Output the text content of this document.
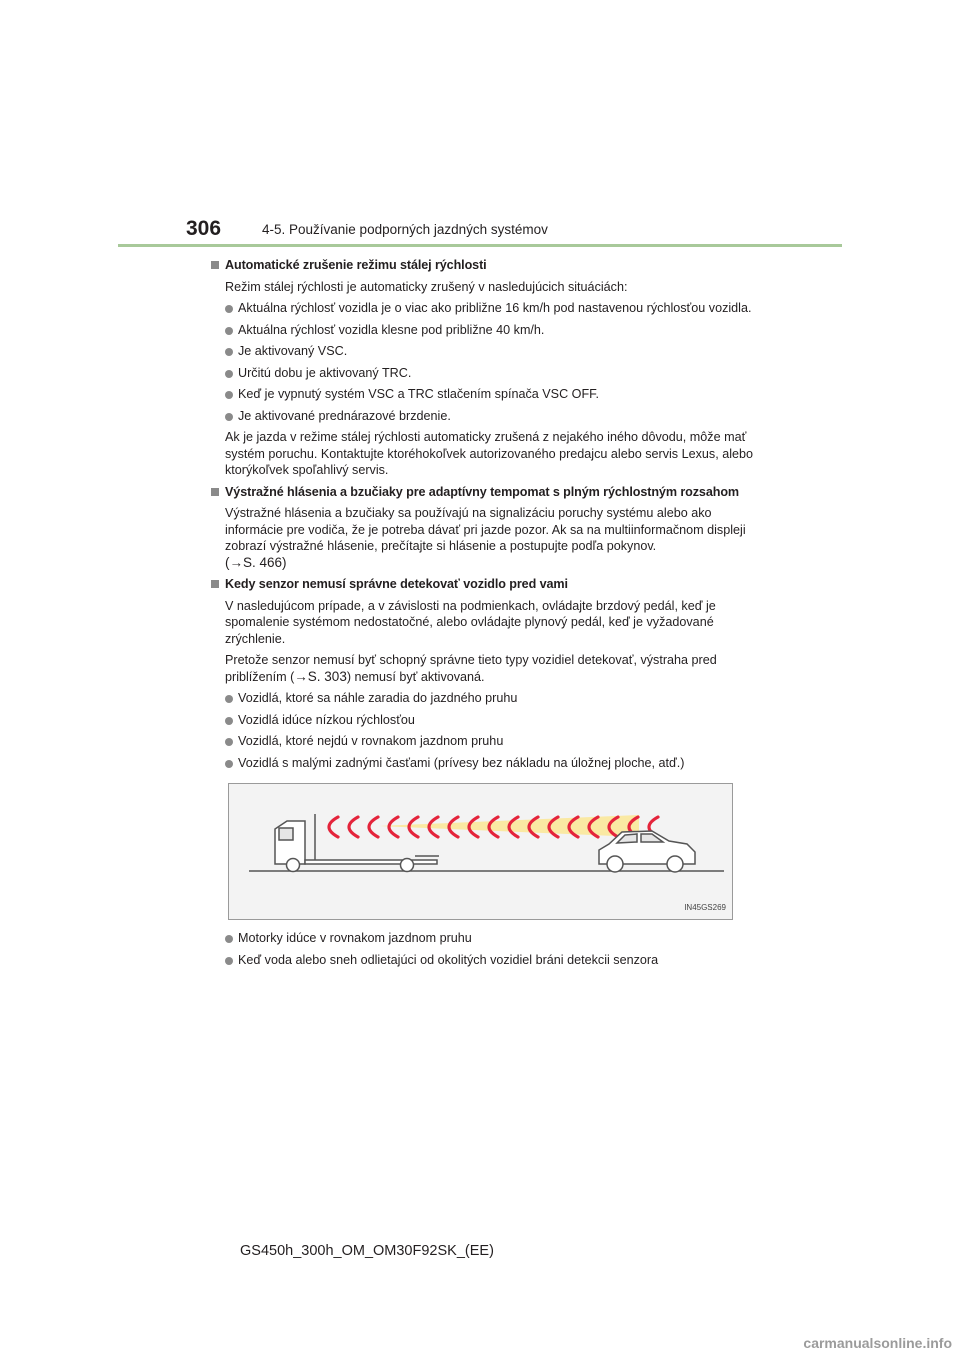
306	4-5. Používanie podporných jazdných systémov
Automatické zrušenie režimu stálej rýchlosti
Režim stálej rýchlosti je automaticky zrušený v nasledujúcich situáciách:
Aktuálna rýchlosť vozidla je o viac ako približne 16 km/h pod nastavenou rýchlosťou vozidla.
Aktuálna rýchlosť vozidla klesne pod približne 40 km/h.
Je aktivovaný VSC.
Určitú dobu je aktivovaný TRC.
Keď je vypnutý systém VSC a TRC stlačením spínača VSC OFF.
Je aktivované prednárazové brzdenie.
Ak je jazda v režime stálej rýchlosti automaticky zrušená z nejakého iného dôvodu, môže mať systém poruchu. Kontaktujte ktoréhokoľvek autorizovaného predajcu alebo servis Lexus, alebo ktorýkoľvek spoľahlivý servis.
Výstražné hlásenia a bzučiaky pre adaptívny tempomat s plným rýchlostným rozsahom
Výstražné hlásenia a bzučiaky sa používajú na signalizáciu poruchy systému alebo ako informácie pre vodiča, že je potreba dávať pri jazde pozor. Ak sa na multiinformačnom displeji zobrazí výstražné hlásenie, prečítajte si hlásenie a postupujte podľa pokynov.
(→S. 466)
Kedy senzor nemusí správne detekovať vozidlo pred vami
V nasledujúcom prípade, a v závislosti na podmienkach, ovládajte brzdový pedál, keď je spomalenie systémom nedostatočné, alebo ovládajte plynový pedál, keď je vyžadované zrýchlenie.
Pretože senzor nemusí byť schopný správne tieto typy vozidiel detekovať, výstraha pred priblížením (→S. 303) nemusí byť aktivovaná.
Vozidlá, ktoré sa náhle zaradia do jazdného pruhu
Vozidlá idúce nízkou rýchlosťou
Vozidlá, ktoré nejdú v rovnakom jazdnom pruhu
Vozidlá s malými zadnými časťami (prívesy bez nákladu na úložnej ploche, atď.)
IN45GS269
Motorky idúce v rovnakom jazdnom pruhu
Keď voda alebo sneh odlietajúci od okolitých vozidiel bráni detekcii senzora
GS450h_300h_OM_OM30F92SK_(EE)
carmanualsonline.info
